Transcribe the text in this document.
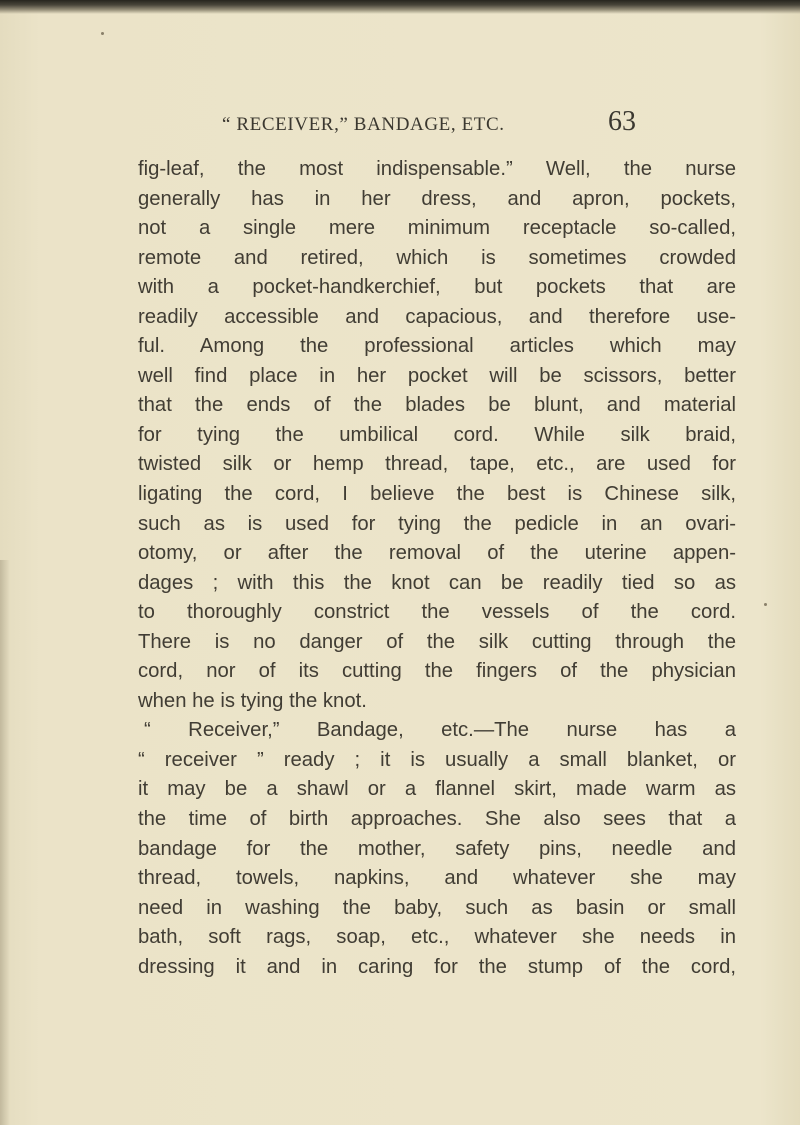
“ RECEIVER,” BANDAGE, ETC.	63
fig-leaf, the most indispensable.” Well, the nurse
generally has in her dress, and apron, pockets,
not a single mere minimum receptacle so-called,
remote and retired, which is sometimes crowded
with a pocket-handkerchief, but pockets that are
readily accessible and capacious, and therefore use-
ful. Among the professional articles which may
well find place in her pocket will be scissors, better
that the ends of the blades be blunt, and material
for tying the umbilical cord. While silk braid,
twisted silk or hemp thread, tape, etc., are used for
ligating the cord, I believe the best is Chinese silk,
such as is used for tying the pedicle in an ovari-
otomy, or after the removal of the uterine appen-
dages ; with this the knot can be readily tied so as
to thoroughly constrict the vessels of the cord.
There is no danger of the silk cutting through the
cord, nor of its cutting the fingers of the physician
when he is tying the knot.
“ Receiver,” Bandage, etc.—The nurse has a
“ receiver ” ready ; it is usually a small blanket, or
it may be a shawl or a flannel skirt, made warm as
the time of birth approaches. She also sees that a
bandage for the mother, safety pins, needle and
thread, towels, napkins, and whatever she may
need in washing the baby, such as basin or small
bath, soft rags, soap, etc., whatever she needs in
dressing it and in caring for the stump of the cord,
